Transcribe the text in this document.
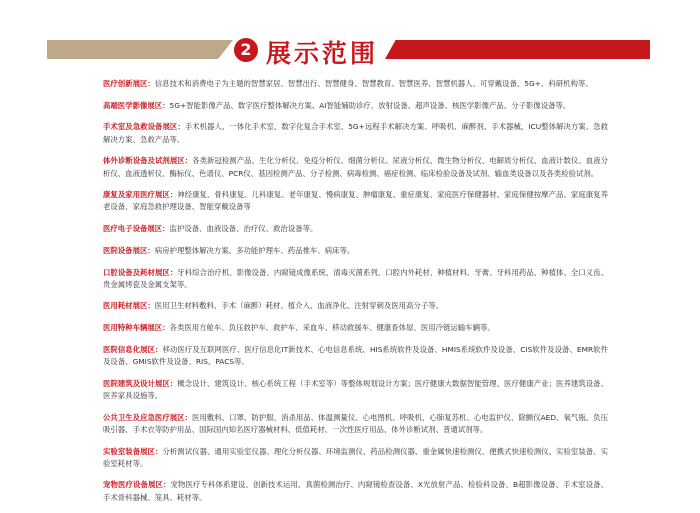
2 展示范围

医疗创新展区：信息技术和消费电子为主题的智慧家居、智慧出行、智慧健身、智慧教育、智慧医养、智慧机器人、可穿戴设备、5G+、科研机构等。

高端医学影像展区：5G+智能影像产品、数字医疗整体解决方案、AI智能辅助诊疗、放射设备、超声设备、核医学影像产品、分子影像设备等。

手术室及急救设备展区：手术机器人、一体化手术室、数字化复合手术室、5G+远程手术解决方案、呼吸机、麻醉剂、手术器械、ICU整体解决方案、急救解决方案、急救产品等。

体外诊断设备及试剂展区：各类新冠检测产品、生化分析仪、免疫分析仪、细菌分析仪、尿液分析仪、微生物分析仪、电解质分析仪、血液计数仪、血液分析仪、血液透析仪、酶标仪、色谱仪、PCR仪、基因检测产品、分子检测、病毒检测、癌症检测、临床检验设备及试剂、输血类设备以及各类检验试剂。

康复及家用医疗展区：神经康复、骨科康复、儿科康复、老年康复、慢病康复、肿瘤康复、重症康复、家庭医疗保健器材、家庭保健按摩产品、家庭康复养老设备、家庭急救护理设备、智能穿戴设备等

医疗电子设备展区：监护设备、血液设备、治疗仪、救治设备等。

医院设备展区：病房护理整体解决方案、多功能护理车、药品推车、病床等。

口腔设备及耗材展区：牙科综合治疗机、影像设备、内窥镜成像系统、清毒灭菌系列、口腔内外耗材、种植材料、牙膏、牙科用药品、种植体、全口义齿、贵金属烤瓷及金属支架等。

医用耗材展区：医用卫生材料敷料、手术（麻醉）耗材、植介入、血液净化、注射穿刺及医用高分子等。

医用特种车辆展区：各类医用方舱车、负压救护车、救护车、采血车、移动救援车、健康查体屋、医用冷链运输车辆等。

医院信息化展区：移动医疗及互联网医疗、医疗信息化IT新技术、心电信息系统、HIS系统软件及设备、HMIS系统软件及设备、CIS软件及设备、EMR软件及设备、GMIS软件及设备、RIS、PACS等。

医院建筑及设计展区：概念设计、建筑设计、核心系统工程（手术室等）等整体规划设计方案；医疗健康大数据智能管理、医疗健康产业；医养建筑设备、医养家具设施等。

公共卫生及应急医疗展区：医用敷料、口罩、防护服、消杀用品、体温测量仪、心电图机、呼吸机、心肺复苏机、心电监护仪、除颤仪AED、氧气瓶、负压吸引器、手术衣等防护用品、国际国内知名医疗器械材料、低值耗材、一次性医疗用品、体外诊断试剂、普通试剂等。

实验室装备展区：分析测试仪器、通用实验室仪器、理化分析仪器、环境监测仪、药品检测仪器、重金属快速检测仪、便携式快速检测仪、实验室装备、实验室耗材等。

宠物医疗设备展区：宠物医疗专科体系建设、创新技术运用、真菌检测治疗、内窥镜检查设备、X光放射产品、检验科设备、B超影像设备、手术室设备、手术骨科器械、笼具、耗材等。
